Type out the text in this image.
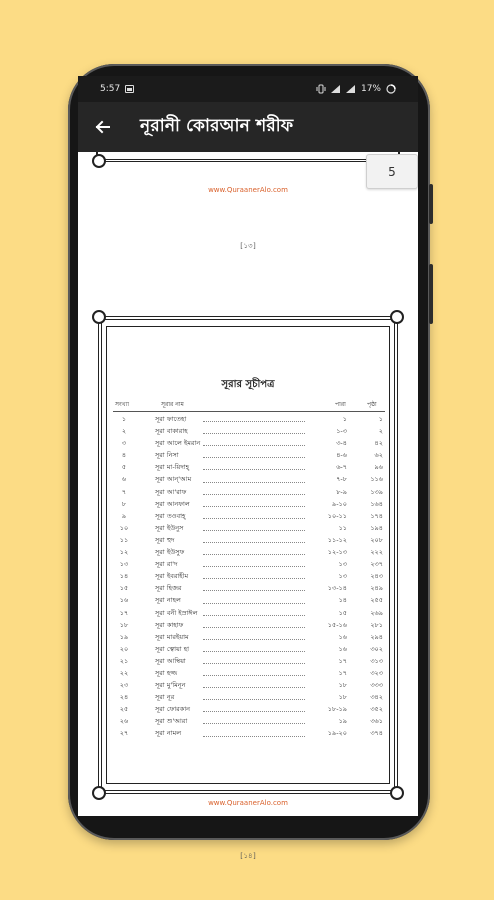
5:57	17%
নূরানী কোরআন শরীফ
5
www.QuraanerAlo.com
[১৩]
সূরার সূচীপত্র
সংখ্যা	সূরার নাম	পারা	পৃষ্ঠা
১	সূরা ফাতেহা	১	১
২	সূরা বাকারাহ	১-৩	২
৩	সূরা আলে ইমরান	৩-৪	৪২
৪	সূরা নিসা	৪-৬	৬২
৫	সূরা মা-য়িদাহ্	৬-৭	৯৬
৬	সূরা আন্'আম	৭-৮	১১৬
৭	সূরা আ'রাফ	৮-৯	১৩৯
৮	সূরা আনফাল	৯-১০	১৬৪
৯	সূরা তওবাহ্	১০-১১	১৭৪
১০	সূরা ইউনুস	১১	১৯৪
১১	সূরা হুদ	১১-১২	২০৮
১২	সূরা ইউসুফ	১২-১৩	২২২
১৩	সূরা রা'দ	১৩	২৩৭
১৪	সূরা ইবরাহীম	১৩	২৪৩
১৫	সূরা হিজর	১৩-১৪	২৪৯
১৬	সূরা নাহল	১৪	২৫৫
১৭	সূরা বনী ইস্রাঈল	১৫	২৬৯
১৮	সূরা কাহাফ	১৫-১৬	২৮১
১৯	সূরা মারইয়াম	১৬	২৯৪
২০	সূরা ত্বোয়া হা	১৬	৩০২
২১	সূরা আম্বিয়া	১৭	৩১৩
২২	সূরা হজ্জ	১৭	৩২৩
২৩	সূরা মু'মিনূন	১৮	৩৩৩
২৪	সূরা নূর	১৮	৩৪২
২৫	সূরা ফোরকান	১৮-১৯	৩৫২
২৬	সূরা শু'আরা	১৯	৩৬১
২৭	সূরা নামল	১৯-২০	৩৭৪
www.QuraanerAlo.com
[১৪]
